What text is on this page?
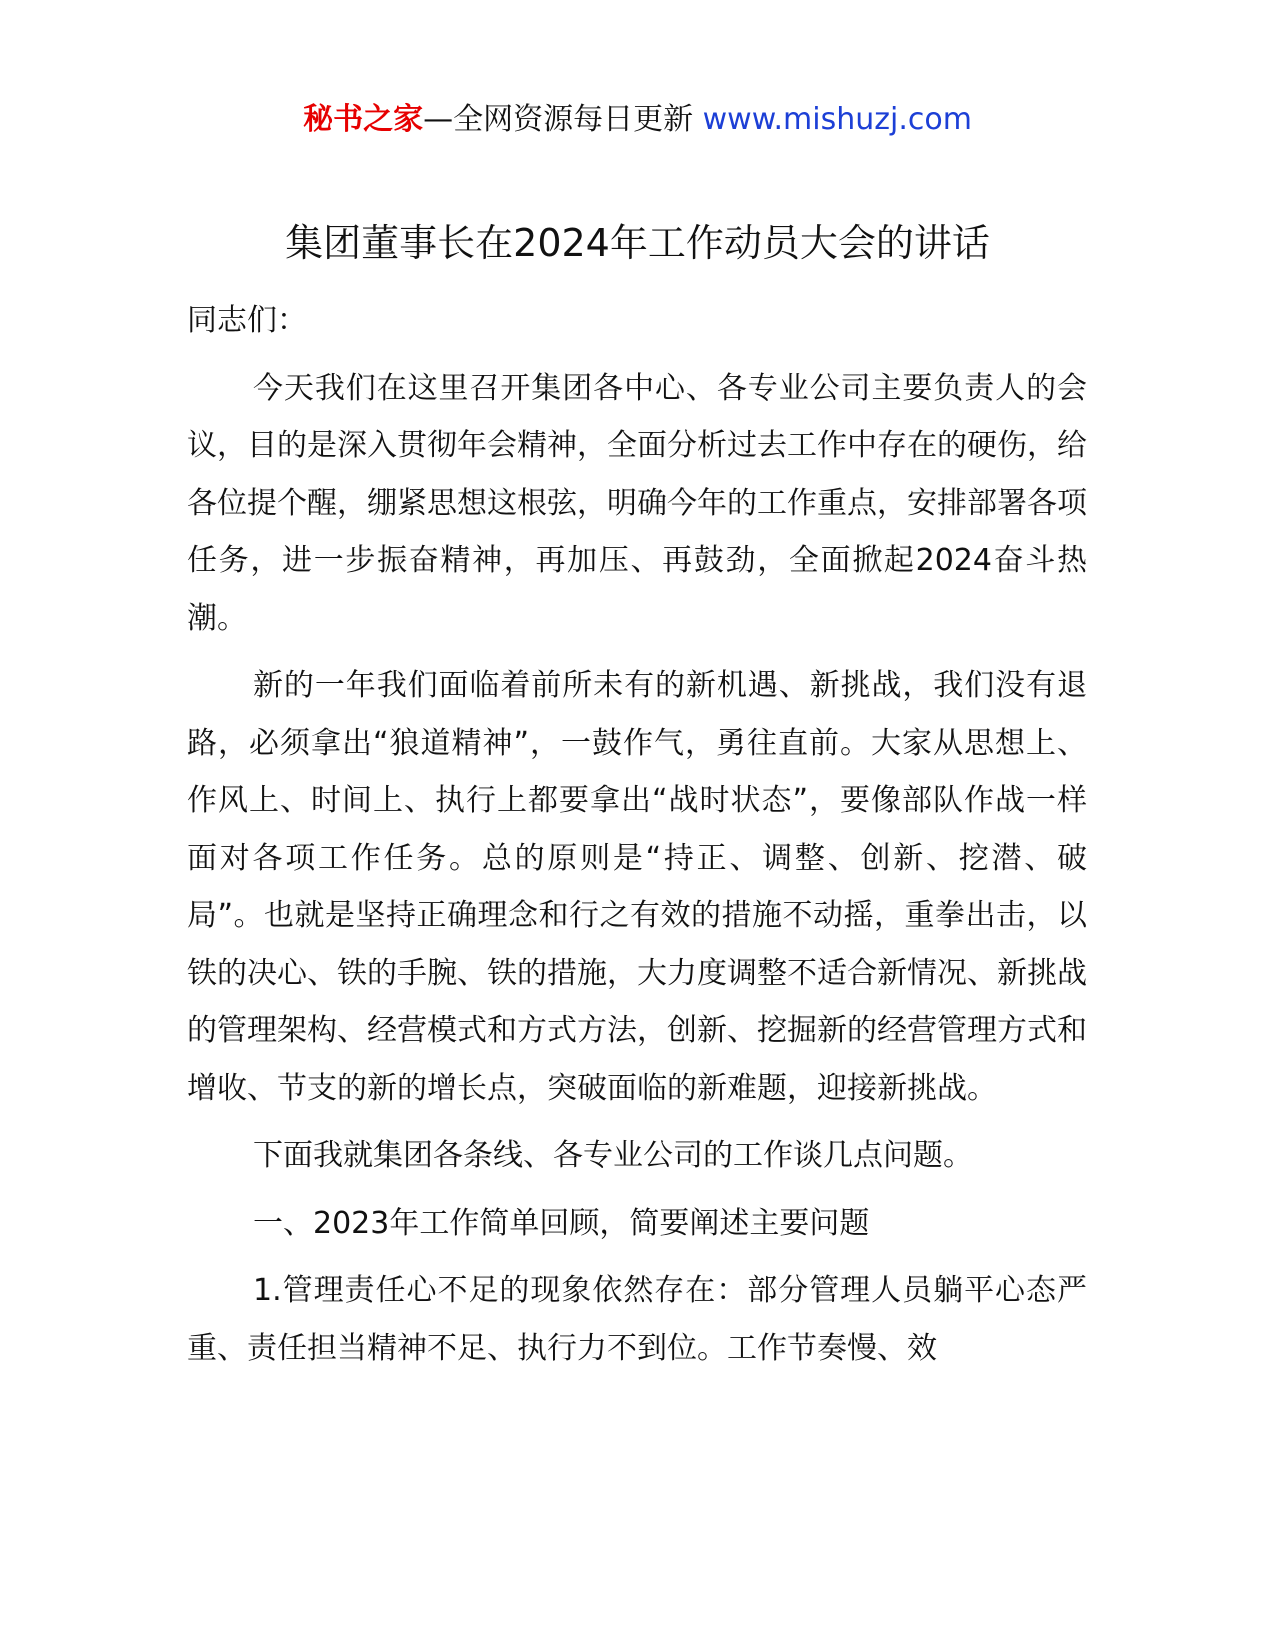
秘书之家—全网资源每日更新 www.mishuzj.com
集团董事长在2024年工作动员大会的讲话

同志们：

今天我们在这里召开集团各中心、各专业公司主要负责人的会议，目的是深入贯彻年会精神，全面分析过去工作中存在的硬伤，给各位提个醒，绷紧思想这根弦，明确今年的工作重点，安排部署各项任务，进一步振奋精神，再加压、再鼓劲，全面掀起2024奋斗热潮。

新的一年我们面临着前所未有的新机遇、新挑战，我们没有退路，必须拿出“狼道精神”，一鼓作气，勇往直前。大家从思想上、作风上、时间上、执行上都要拿出“战时状态”，要像部队作战一样面对各项工作任务。总的原则是“持正、调整、创新、挖潜、破局”。也就是坚持正确理念和行之有效的措施不动摇，重拳出击，以铁的决心、铁的手腕、铁的措施，大力度调整不适合新情况、新挑战的管理架构、经营模式和方式方法，创新、挖掘新的经营管理方式和增收、节支的新的增长点，突破面临的新难题，迎接新挑战。

下面我就集团各条线、各专业公司的工作谈几点问题。

一、2023年工作简单回顾，简要阐述主要问题

1.管理责任心不足的现象依然存在：部分管理人员躺平心态严重、责任担当精神不足、执行力不到位。工作节奏慢、效
